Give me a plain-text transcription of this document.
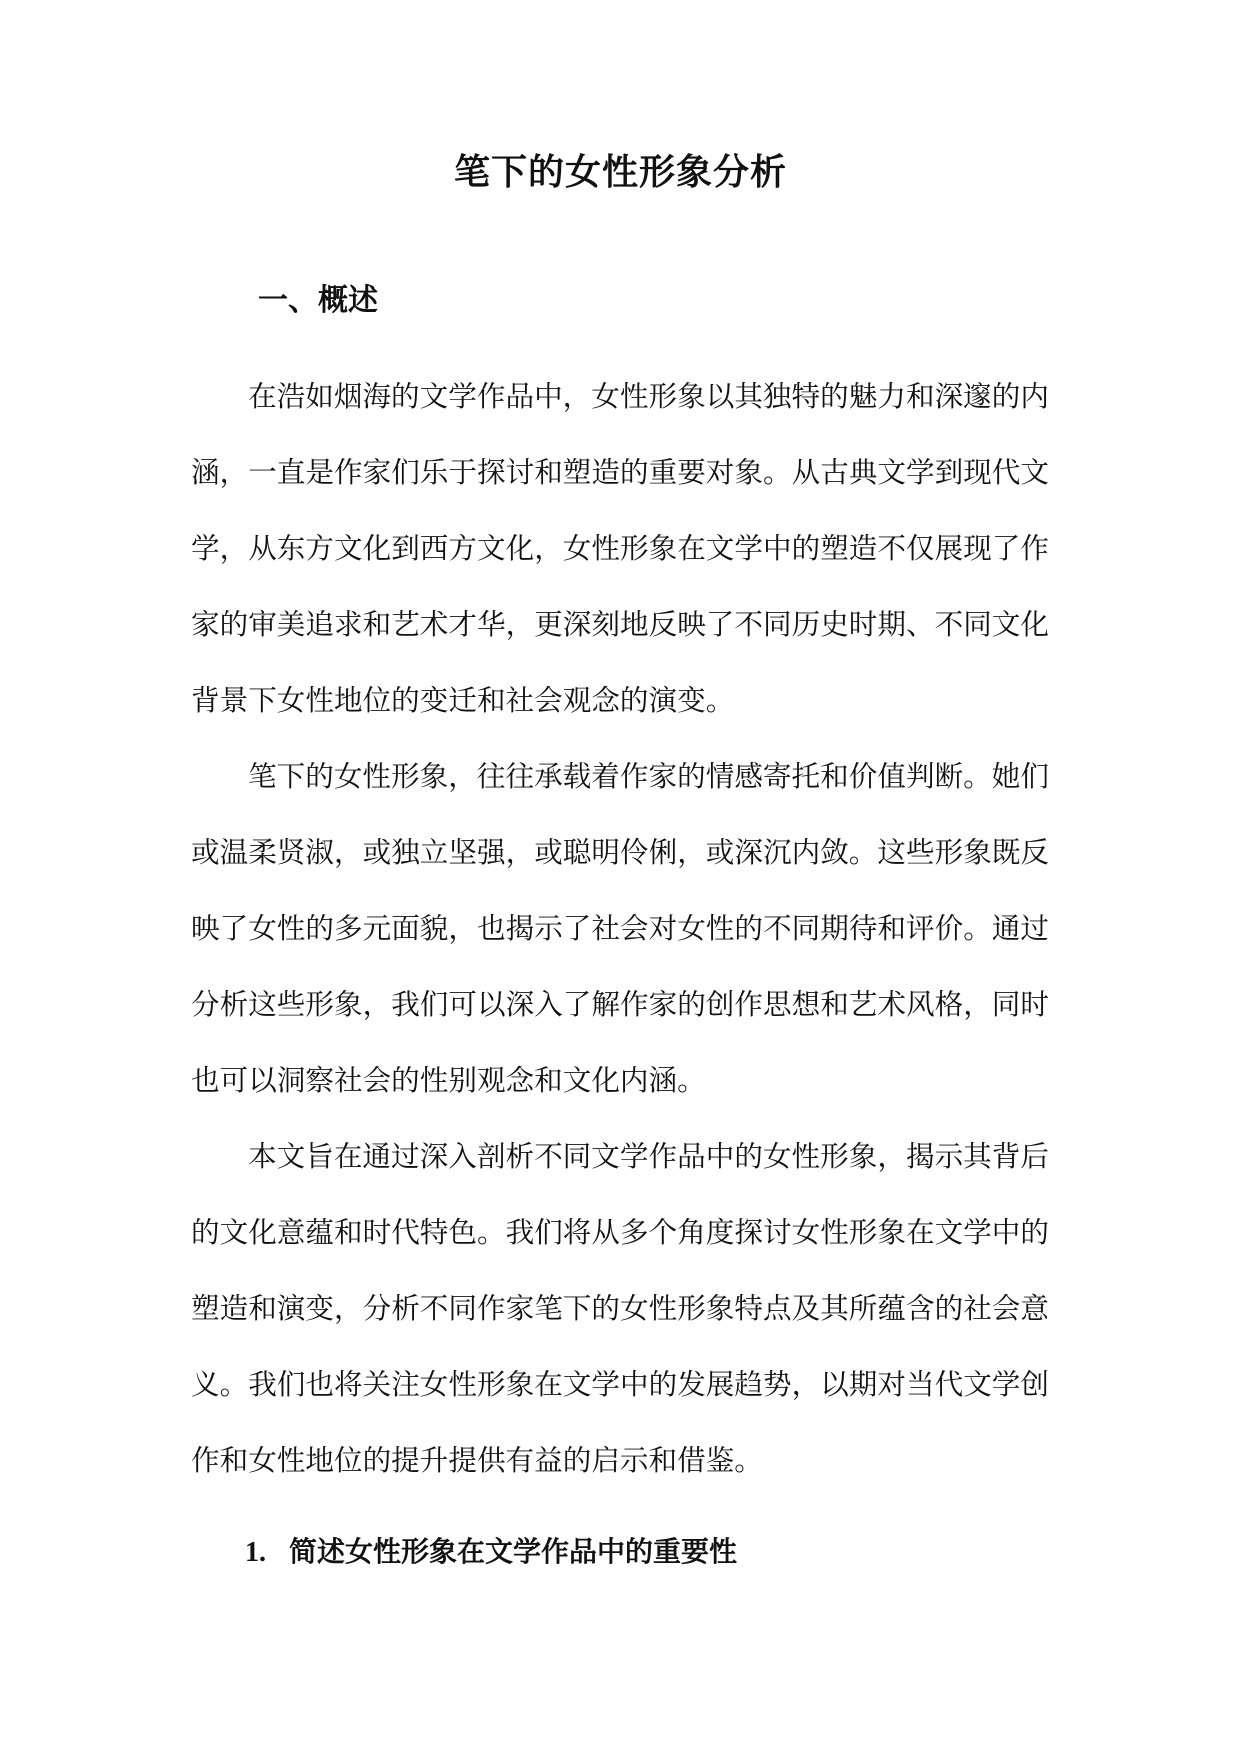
笔下的女性形象分析
一、概述

在浩如烟海的文学作品中，女性形象以其独特的魅力和深邃的内涵，一直是作家们乐于探讨和塑造的重要对象。从古典文学到现代文学，从东方文化到西方文化，女性形象在文学中的塑造不仅展现了作家的审美追求和艺术才华，更深刻地反映了不同历史时期、不同文化背景下女性地位的变迁和社会观念的演变。

笔下的女性形象，往往承载着作家的情感寄托和价值判断。她们或温柔贤淑，或独立坚强，或聪明伶俐，或深沉内敛。这些形象既反映了女性的多元面貌，也揭示了社会对女性的不同期待和评价。通过分析这些形象，我们可以深入了解作家的创作思想和艺术风格，同时也可以洞察社会的性别观念和文化内涵。

本文旨在通过深入剖析不同文学作品中的女性形象，揭示其背后的文化意蕴和时代特色。我们将从多个角度探讨女性形象在文学中的塑造和演变，分析不同作家笔下的女性形象特点及其所蕴含的社会意义。我们也将关注女性形象在文学中的发展趋势，以期对当代文学创作和女性地位的提升提供有益的启示和借鉴。

1. 简述女性形象在文学作品中的重要性
